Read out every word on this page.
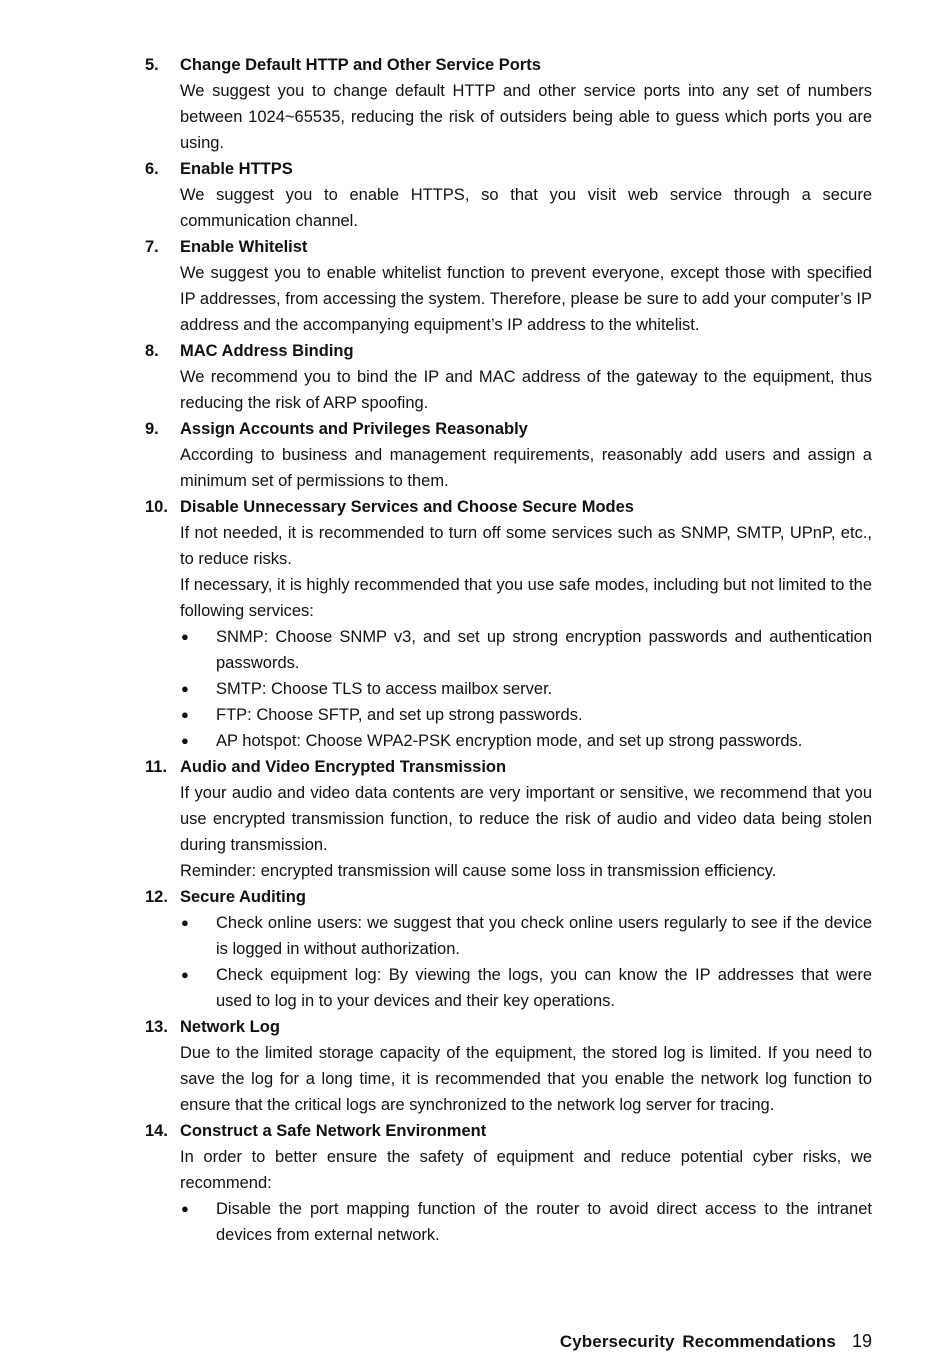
5.	Change Default HTTP and Other Service Ports
We suggest you to change default HTTP and other service ports into any set of numbers between 1024~65535, reducing the risk of outsiders being able to guess which ports you are using.
6.	Enable HTTPS
We suggest you to enable HTTPS, so that you visit web service through a secure communication channel.
7.	Enable Whitelist
We suggest you to enable whitelist function to prevent everyone, except those with specified IP addresses, from accessing the system. Therefore, please be sure to add your computer’s IP address and the accompanying equipment’s IP address to the whitelist.
8.	MAC Address Binding
We recommend you to bind the IP and MAC address of the gateway to the equipment, thus reducing the risk of ARP spoofing.
9.	Assign Accounts and Privileges Reasonably
According to business and management requirements, reasonably add users and assign a minimum set of permissions to them.
10. Disable Unnecessary Services and Choose Secure Modes
If not needed, it is recommended to turn off some services such as SNMP, SMTP, UPnP, etc., to reduce risks.
If necessary, it is highly recommended that you use safe modes, including but not limited to the following services:
●	SNMP: Choose SNMP v3, and set up strong encryption passwords and authentication passwords.
●	SMTP: Choose TLS to access mailbox server.
●	FTP: Choose SFTP, and set up strong passwords.
●	AP hotspot: Choose WPA2-PSK encryption mode, and set up strong passwords.
11. Audio and Video Encrypted Transmission
If your audio and video data contents are very important or sensitive, we recommend that you use encrypted transmission function, to reduce the risk of audio and video data being stolen during transmission.
Reminder: encrypted transmission will cause some loss in transmission efficiency.
12. Secure Auditing
●	Check online users: we suggest that you check online users regularly to see if the device is logged in without authorization.
●	Check equipment log: By viewing the logs, you can know the IP addresses that were used to log in to your devices and their key operations.
13. Network Log
Due to the limited storage capacity of the equipment, the stored log is limited. If you need to save the log for a long time, it is recommended that you enable the network log function to ensure that the critical logs are synchronized to the network log server for tracing.
14. Construct a Safe Network Environment
In order to better ensure the safety of equipment and reduce potential cyber risks, we recommend:
●	Disable the port mapping function of the router to avoid direct access to the intranet devices from external network.
Cybersecurity Recommendations 19
